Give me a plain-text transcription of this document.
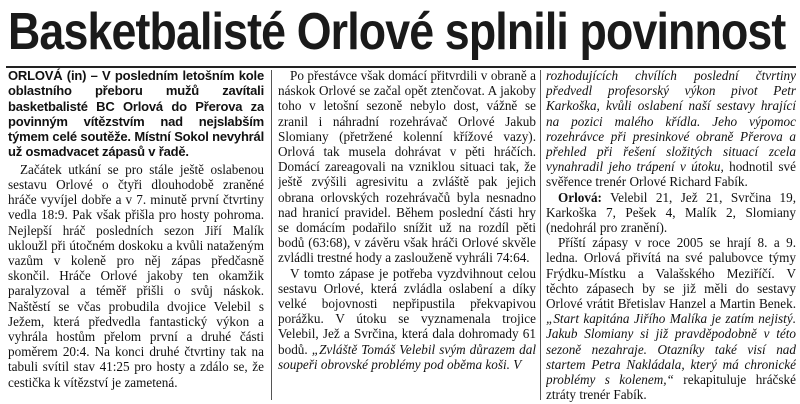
Basketbalisté Orlové splnili povinnost

ORLOVÁ (in) – V posledním letošním kole oblastního přeboru mužů zavítali basketbalisté BC Orlová do Přerova za povinným vítězstvím nad nejslabším týmem celé soutěže. Místní Sokol nevyhrál už osmadvacet zápasů v řadě.

Začátek utkání se pro stále ještě oslabenou sestavu Orlové o čtyři dlouhodobě zraněné hráče vyvíjel dobře a v 7. minutě první čtvrtiny vedla 18:9. Pak však přišla pro hosty pohroma. Nejlepší hráč posledních sezon Jiří Malík ukloužl při útočném doskoku a kvůli nataženým vazům v koleně pro něj zápas předčasně skončil. Hráče Orlové jakoby ten okamžik paralyzoval a téměř přišli o svůj náskok. Naštěstí se včas probudila dvojice Velebil s Ježem, která předvedla fantastický výkon a vyhrála hostům přelom první a druhé části poměrem 20:4. Na konci druhé čtvrtiny tak na tabuli svítil stav 41:25 pro hosty a zdálo se, že cestička k vítězství je zametená.

Po přestávce však domácí přitvrdili v obraně a náskok Orlové se začal opět ztenčovat. A jakoby toho v letošní sezoně nebylo dost, vážně se zranil i náhradní rozehrávač Orlové Jakub Slomiany (přetržené kolenní křížové vazy). Orlová tak musela dohrávat v pěti hráčích. Domácí zareagovali na vzniklou situaci tak, že ještě zvýšili agresivitu a zvláště pak jejich obrana orlovských rozehrávačů byla nesnadno nad hranicí pravidel. Během poslední části hry se domácím podařilo snížit už na rozdíl pěti bodů (63:68), v závěru však hráči Orlové skvěle zvládli trestné hody a zaslouženě vyhráli 74:64.

V tomto zápase je potřeba vyzdvihnout celou sestavu Orlové, která zvládla oslabení a díky velké bojovnosti nepřipustila překvapivou porážku. V útoku se vyznamenala trojice Velebil, Jež a Svrčina, která dala dohromady 61 bodů. „Zvláště Tomáš Velebil svým důrazem dal soupeři obrovské problémy pod oběma koši. V

rozhodujících chvílích poslední čtvrtiny předvedl profesorský výkon pivot Petr Karkoška, kvůli oslabení naší sestavy hrající na pozici malého křídla. Jeho výpomoc rozehrávce při presinkové obraně Přerova a přehled při řešení složitých situací zcela vynahradil jeho trápení v útoku, hodnotil své svěřence trenér Orlové Richard Fabík.

Orlová: Velebil 21, Jež 21, Svrčina 19, Karkoška 7, Pešek 4, Malík 2, Slomiany (nedohrál pro zranění).

Příští zápasy v roce 2005 se hrají 8. a 9. ledna. Orlová přivítá na své palubovce týmy Frýdku-Místku a Valašského Meziříčí. V těchto zápasech by se již měli do sestavy Orlové vrátit Břetislav Hanzel a Martin Benek. „Start kapitána Jiřího Malíka je zatím nejistý. Jakub Slomiany si již pravděpodobně v této sezoně nezahraje. Otazníky také visí nad startem Petra Nakládala, který má chronické problémy s kolenem,“ rekapituluje hráčské ztráty trenér Fabík.
